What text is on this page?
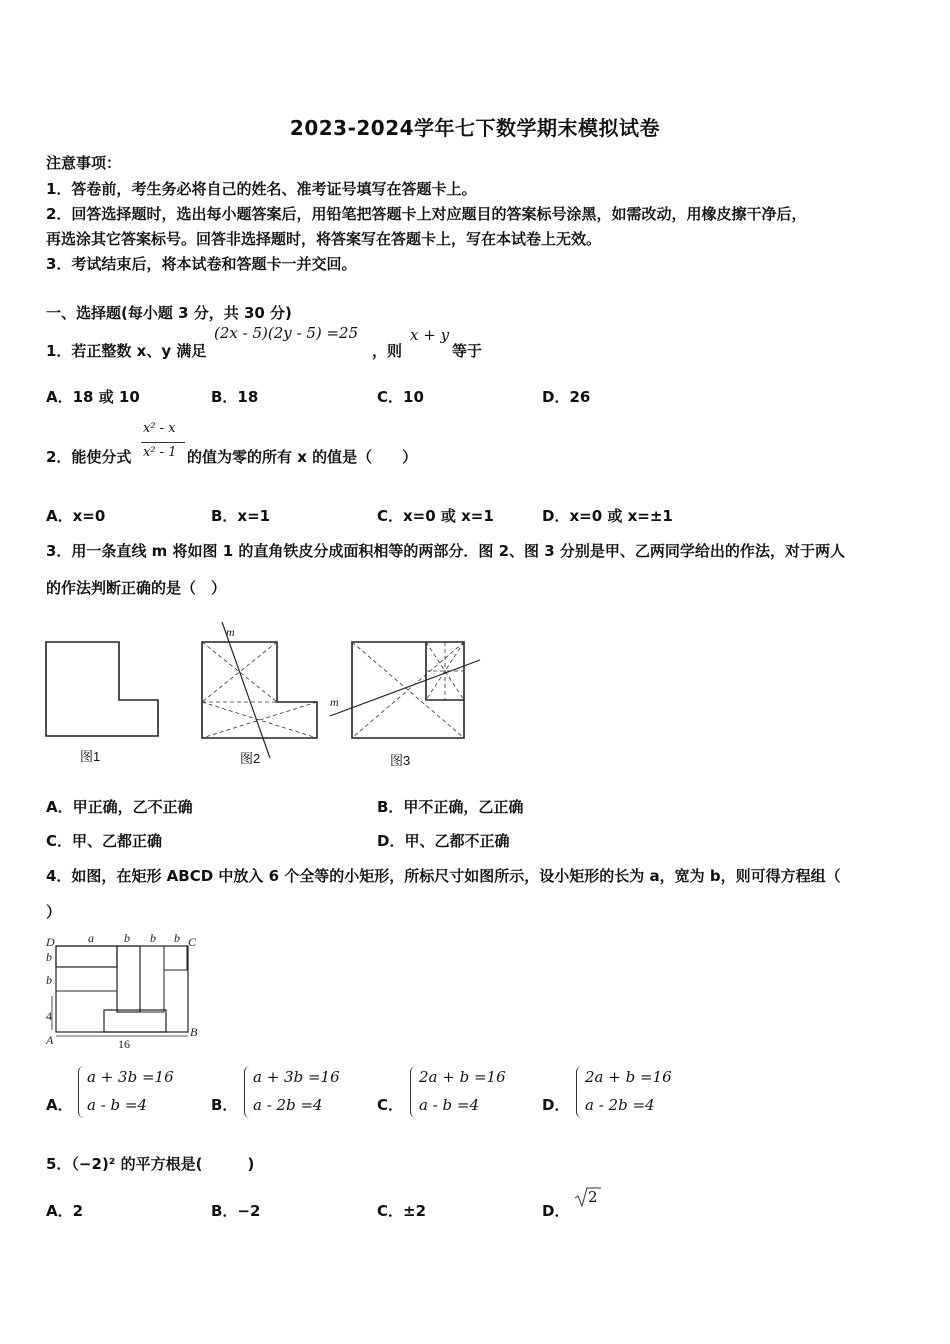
2023-2024学年七下数学期末模拟试卷
注意事项：
1．答卷前，考生务必将自己的姓名、准考证号填写在答题卡上。
2．回答选择题时，选出每小题答案后，用铅笔把答题卡上对应题目的答案标号涂黑，如需改动，用橡皮擦干净后，
再选涂其它答案标号。回答非选择题时，将答案写在答题卡上，写在本试卷上无效。
3．考试结束后，将本试卷和答题卡一并交回。
一、选择题(每小题 3 分，共 30 分)
1．若正整数 x、y 满足
(2x - 5)(2y - 5) =25
，则
x + y
等于
A．18 或 10	B．18	C．10	D．26
2．能使分式
x² - x
x² - 1 的值为零的所有 x 的值是（　　）
A．x=0	B．x=1	C．x=0 或 x=1	D．x=0 或 x=±1
3．用一条直线 m 将如图 1 的直角铁皮分成面积相等的两部分．图 2、图 3 分别是甲、乙两同学给出的作法，对于两人
的作法判断正确的是（　）
图1
m
图2
m
图3
A．甲正确，乙不正确	B．甲不正确，乙正确
C．甲、乙都正确	D．甲、乙都不正确
4．如图，在矩形 ABCD 中放入 6 个全等的小矩形，所标尺寸如图所示，设小矩形的长为 a，宽为 b，则可得方程组（
）
D	C
A
B
a	b b b
b
b
4
16
A．
a + 3b =16
a - b =4	B．
a + 3b =16
a - 2b =4	C．
2a + b =16
a - b =4	D．
2a + b =16
a - 2b =4
5．（−2)² 的平方根是(　　　)
A．2	B．−2	C．±2	D．
2
